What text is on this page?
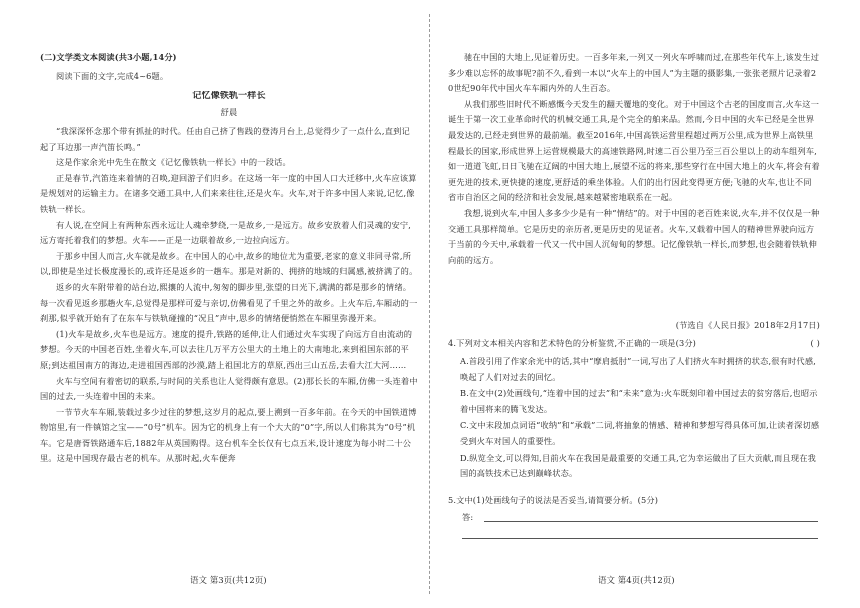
(二)文学类文本阅读(共3小题,14分)
阅读下面的文字,完成4~6题。
记忆像铁轨一样长
舒晨
“我深深怀念那个带有抓扯的时代。任由自己挤了售践的登涛月台上,总觉得少了一点什么,直到记起了耳边那一声汽笛长鸣。”
这是作家余光中先生在散文《记忆像铁轨一样长》中的一段话。
正是春节,汽笛连来着情的召唤,迎回游子们归乡。在这场一年一度的中国人口大迁移中,火车应该算是规划对的运输主力。在诸多交通工具中,人们来来往往,还是火车。火车,对于许多中国人来说,记忆,像铁轨一样长。
有人说,在空间上有两种东西永远让人魂牵梦绕,一是故乡,一是远方。故乡安放着人们灵魂的安宁,远方寄托着我们的梦想。火车——正是一边联着故乡,一边拉向远方。
于那乡中国人而言,火车就是故乡。在中国人的心中,故乡的地位尤为重要,老家的意义非同寻常,所以,即使是坐过长极度漫长的,或许还是返乡的一趟车。那是对新的、拥挤的地域的归属感,被挤满了的。
返乡的火车附带着的站台边,熙攘的人流中,匆匆的脚步里,张望的日光下,满满的都是那乡的情绪。每一次看见返乡那趟火车,总觉得是那样可爱与亲切,仿佛看见了千里之外的故乡。上火车后,车厢动的一刹那,似乎就开始有了在东车与铁轨碰撞的“况且”声中,思乡的情绪便悄然在车厢里弥漫开来。
(1)火车是故乡,火车也是远方。速度的提升,铁路的延伸,让人们通过火车实现了向远方自由流动的梦想。今天的中国老百姓,坐着火车,可以去往几万平方公里大的土地上的大南地北,来到祖国东部的平原;到达祖国南方的海边,走进祖国西部的沙漠,踏上祖国北方的草原,西出三山五岳,去看大江大河……
火车与空间有着密切的联系,与时间的关系也让人觉得颇有意思。(2)那长长的车厢,仿佛一头连着中国的过去,一头连着中国的未来。
一节节火车车厢,装载过多少过往的梦想,这岁月的起点,要上溯到一百多年前。在今天的中国铁道博物馆里,有一件镇馆之宝——“0号”机车。因为它的机身上有一个大大的“0”字,所以人们称其为“0号”机车。它是唐胥铁路通车后,1882年从英国购得。这台机车全长仅有七点五米,设计速度为每小时二十公里。这是中国现存最古老的机车。从那时起,火车便奔
语文 第3页(共12页)
驰在中国的大地上,见证着历史。一百多年来,一列又一列火车呼啸而过,在那些年代车上,该发生过多少难以忘怀的故事呢?前不久,看到一本以“火车上的中国人”为主题的摄影集,一张张老照片记录着20世纪90年代中国火车车厢内外的人生百态。
从我们那些旧时代不断感慨今天发生的翻天覆地的变化。对于中国这个古老的国度而言,火车这一诞生于第一次工业革命时代的机械交通工具,是个完全的舶来品。然而,今日中国的火车已经是全世界最发达的,已经走到世界的最前端。截至2016年,中国高铁运营里程超过两万公里,成为世界上高铁里程最长的国家,形成世界上运营规模最大的高速铁路网,时速二百公里乃至三百公里以上的动车组列车,如一道道飞虹,日日飞驰在辽阔的中国大地上,展望不远的将来,那些穿行在中国大地上的火车,将会有着更先进的技术,更快捷的速度,更舒适的乘坐体验。人们的出行因此变得更方便;飞驰的火车,也让不同省市自治区之间的经济和社会发展,越来越紧密地联系在一起。
我想,说到火车,中国人多多少少是有一种“情结”的。对于中国的老百姓来说,火车,并不仅仅是一种交通工具那样简单。它是历史的亲历者,更是历史的见证者。火车,又载着中国人的精神世界驶向远方于当前的今天中,承载着一代又一代中国人沉甸甸的梦想。记忆像铁轨一样长,而梦想,也会随着铁轨伸向前的远方。
(节选自《人民日报》2018年2月17日)
4.下列对文本相关内容和艺术特色的分析鉴赏,不正确的一项是(3分)	( )
A.首段引用了作家余光中的话,其中“摩肩抵肘”一词,写出了人们挤火车时拥挤的状态,很有时代感,唤起了人们对过去的回忆。
B.在文中(2)处画线句,“连着中国的过去”和“未来”意为:火车既刻印着中国过去的贫穷落后,也昭示着中国将来的腾飞发达。
C.文中末段加点词语“收纳”和“承载”二词,将抽象的情感、精神和梦想写得具体可加,让读者深切感受到火车对国人的重要性。
D.纵览全文,可以得知,目前火车在我国是最重要的交通工具,它为幸运做出了巨大贡献,而且现在我国的高铁技术已达到巅峰状态。
5.文中(1)处画线句子的说法是否妥当,请简要分析。(5分)
答:
语文 第4页(共12页)
